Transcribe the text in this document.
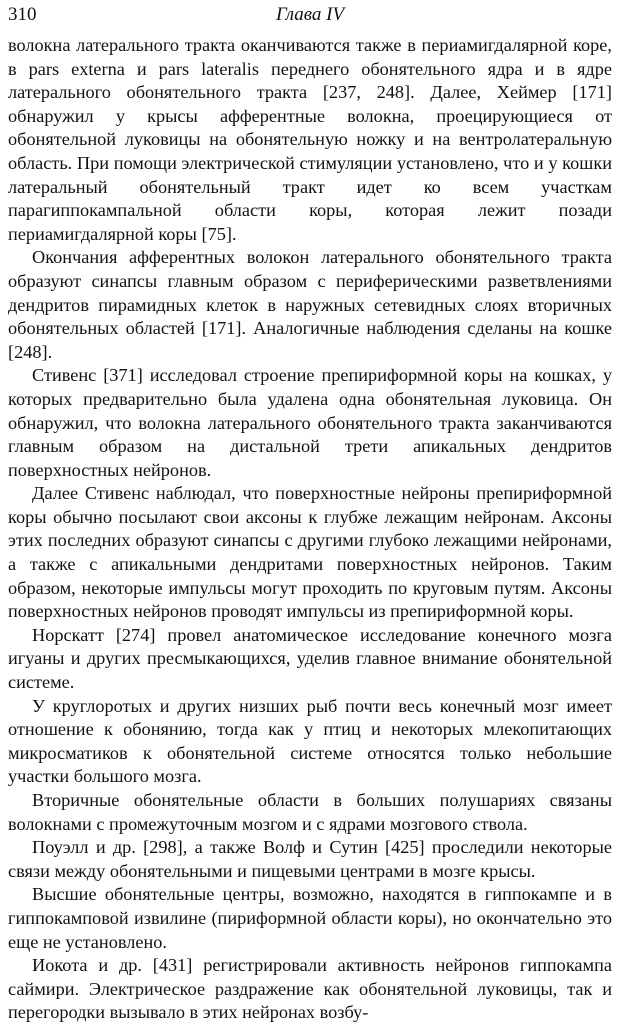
310	Глава IV

волокна латерального тракта оканчиваются также в периамигдалярной коре, в pars externa и pars lateralis переднего обонятельного ядра и в ядре латерального обонятельного тракта [237, 248]. Далее, Хеймер [171] обнаружил у крысы афферентные волокна, проецирующиеся от обонятельной луковицы на обонятельную ножку и на вентролатеральную область. При помощи электрической стимуляции установлено, что и у кошки латеральный обонятельный тракт идет ко всем участкам парагиппокампальной области коры, которая лежит позади периамигдалярной коры [75].

Окончания афферентных волокон латерального обонятельного тракта образуют синапсы главным образом с периферическими разветвлениями дендритов пирамидных клеток в наружных сетевидных слоях вторичных обонятельных областей [171]. Аналогичные наблюдения сделаны на кошке [248].

Стивенс [371] исследовал строение препириформной коры на кошках, у которых предварительно была удалена одна обонятельная луковица. Он обнаружил, что волокна латерального обонятельного тракта заканчиваются главным образом на дистальной трети апикальных дендритов поверхностных нейронов.

Далее Стивенс наблюдал, что поверхностные нейроны препириформной коры обычно посылают свои аксоны к глубже лежащим нейронам. Аксоны этих последних образуют синапсы с другими глубоко лежащими нейронами, а также с апикальными дендритами поверхностных нейронов. Таким образом, некоторые импульсы могут проходить по круговым путям. Аксоны поверхностных нейронов проводят импульсы из препириформной коры.

Норскатт [274] провел анатомическое исследование конечного мозга игуаны и других пресмыкающихся, уделив главное внимание обонятельной системе.

У круглоротых и других низших рыб почти весь конечный мозг имеет отношение к обонянию, тогда как у птиц и некоторых млекопитающих микросматиков к обонятельной системе относятся только небольшие участки большого мозга.

Вторичные обонятельные области в больших полушариях связаны волокнами с промежуточным мозгом и с ядрами мозгового ствола.

Поуэлл и др. [298], а также Волф и Сутин [425] проследили некоторые связи между обонятельными и пищевыми центрами в мозге крысы.

Высшие обонятельные центры, возможно, находятся в гиппокампе и в гиппокамповой извилине (пириформной области коры), но окончательно это еще не установлено.

Иокота и др. [431] регистрировали активность нейронов гиппокампа саймири. Электрическое раздражение как обонятельной луковицы, так и перегородки вызывало в этих нейронах возбу-
